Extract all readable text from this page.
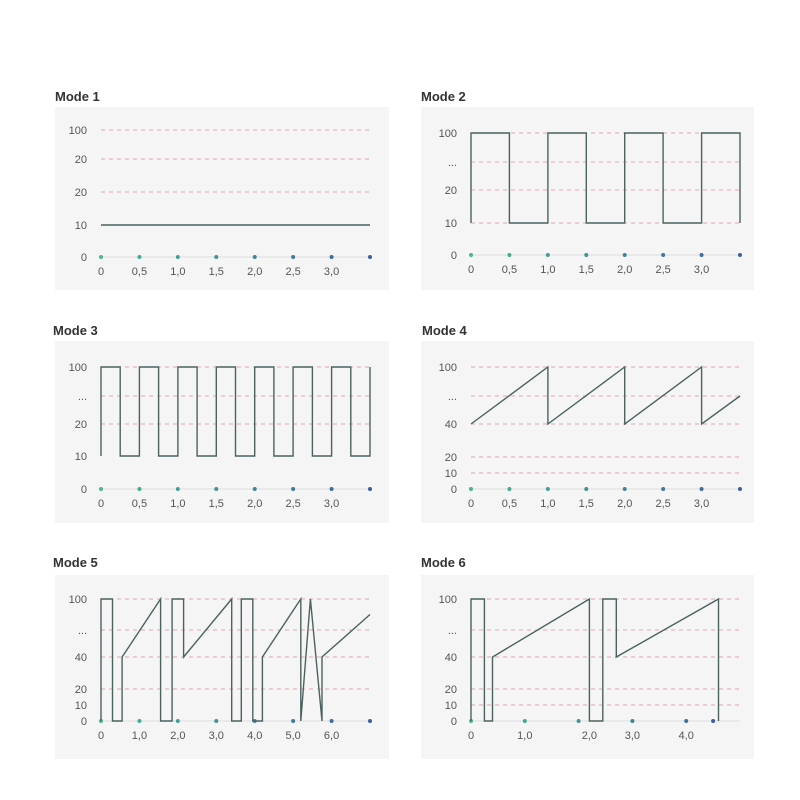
Mode 1
0
10
20
20
100
0	0,5 1,0 1,5 2,0 2,5 3,0
Mode 2
0
10
20
...
100
0	0,5 1,0 1,5 2,0 2,5 3,0
Mode 3
0
10
20
...
100
0	0,5 1,0 1,5 2,0 2,5 3,0
Mode 4
0
10
20
40
...
100
0	0,5 1,0 1,5 2,0 2,5 3,0
Mode 5
0
10
20
40
...
100
0	1,0 2,0 3,0 4,0 5,0 6,0
Mode 6
0
10
20
40
...
100
0	1,0	3,0	4,0
2,0
